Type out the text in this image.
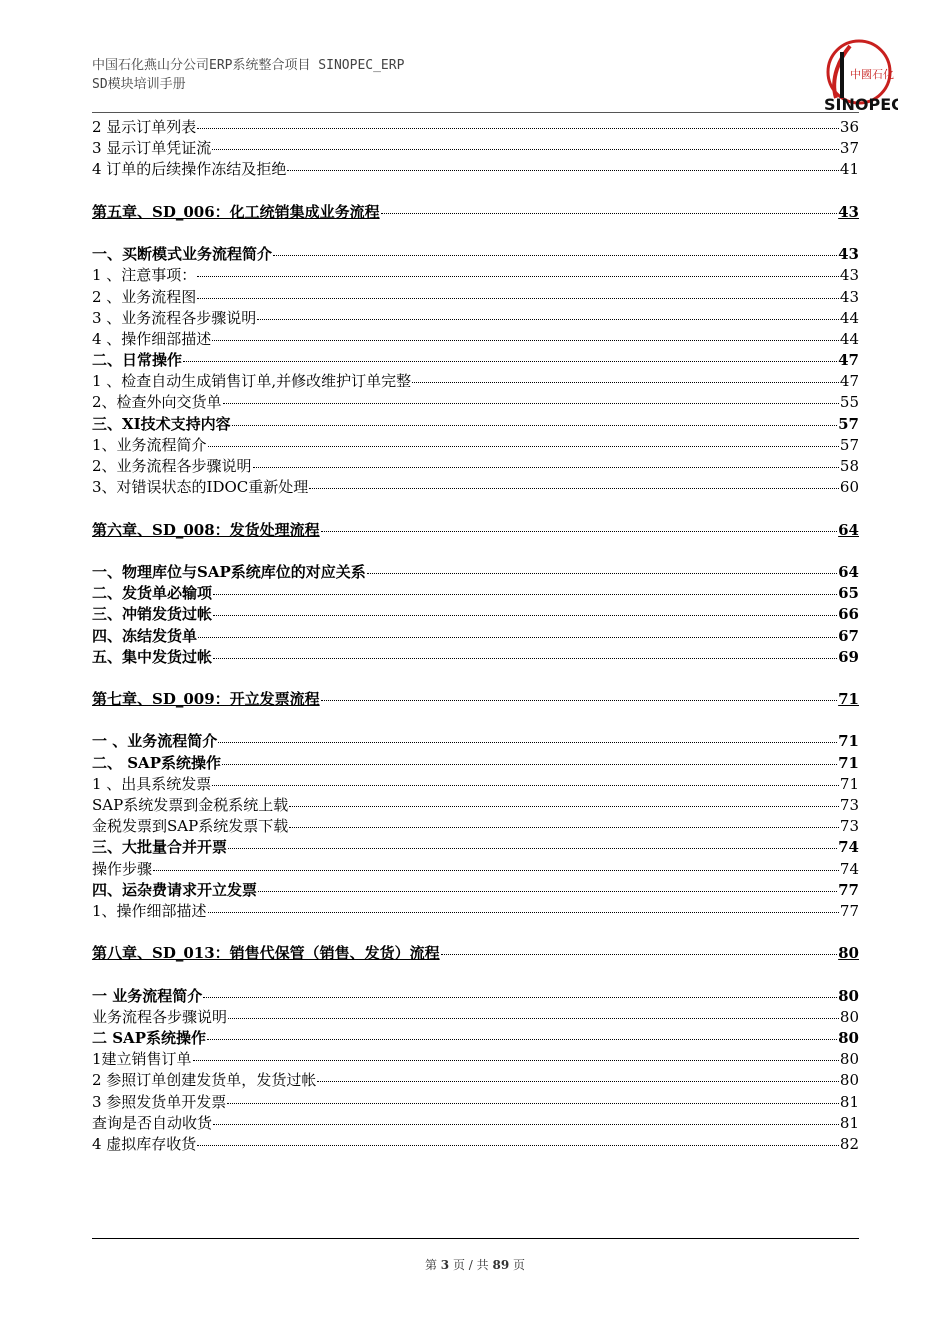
中国石化燕山分公司ERP系统整合项目 SINOPEC_ERP
SD模块培训手册
中國石化
SINOPEC
2 显示订单列表	36
3 显示订单凭证流	37
4 订单的后续操作冻结及拒绝	41
第五章、SD_006：化工统销集成业务流程	43
一、买断模式业务流程简介	43
1 、注意事项：	43
2 、业务流程图	43
3 、业务流程各步骤说明	44
4 、操作细部描述	44
二、日常操作	47
1 、检查自动生成销售订单,并修改维护订单完整	47
2、检查外向交货单	55
三、XI技术支持内容	57
1、业务流程简介	57
2、业务流程各步骤说明	58
3、对错误状态的IDOC重新处理	60
第六章、SD_008：发货处理流程	64
一、物理库位与SAP系统库位的对应关系	64
二、发货单必输项	65
三、冲销发货过帐	66
四、冻结发货单	67
五、集中发货过帐	69
第七章、SD_009：开立发票流程	71
一 、业务流程简介	71
二、 SAP系统操作	71
1 、出具系统发票	71
SAP系统发票到金税系统上载	73
金税发票到SAP系统发票下载	73
三、大批量合并开票	74
操作步骤	74
四、运杂费请求开立发票	77
1、操作细部描述	77
第八章、SD_013：销售代保管（销售、发货）流程	80
一 业务流程简介	80
业务流程各步骤说明	80
二 SAP系统操作	80
1建立销售订单	80
2 参照订单创建发货单，发货过帐	80
3 参照发货单开发票	81
查询是否自动收货	81
4 虚拟库存收货	82
第 3 页 / 共 89 页
